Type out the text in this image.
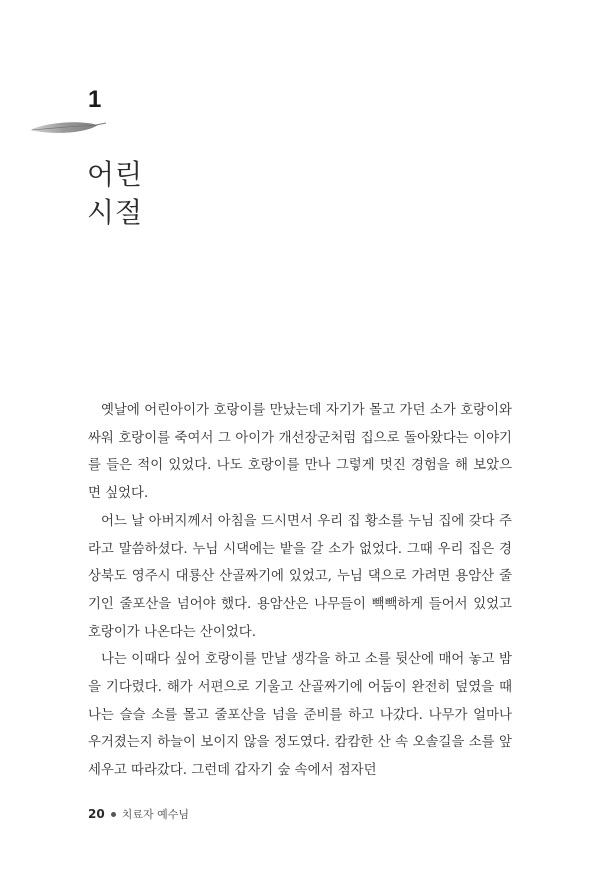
1
어린
시절

옛날에 어린아이가 호랑이를 만났는데 자기가 몰고 가던 소가 호랑이와 싸워 호랑이를 죽여서 그 아이가 개선장군처럼 집으로 돌아왔다는 이야기를 들은 적이 있었다. 나도 호랑이를 만나 그렇게 멋진 경험을 해 보았으면 싶었다.

어느 날 아버지께서 아침을 드시면서 우리 집 황소를 누님 집에 갖다 주라고 말씀하셨다. 누님 시댁에는 밭을 갈 소가 없었다. 그때 우리 집은 경상북도 영주시 대룡산 산골짜기에 있었고, 누님 댁으로 가려면 용암산 줄기인 줄포산을 넘어야 했다. 용암산은 나무들이 빽빽하게 들어서 있었고 호랑이가 나온다는 산이었다.

나는 이때다 싶어 호랑이를 만날 생각을 하고 소를 뒷산에 매어 놓고 밤을 기다렸다. 해가 서편으로 기울고 산골짜기에 어둠이 완전히 덮였을 때 나는 슬슬 소를 몰고 줄포산을 넘을 준비를 하고 나갔다. 나무가 얼마나 우거졌는지 하늘이 보이지 않을 정도였다. 캄캄한 산 속 오솔길을 소를 앞세우고 따라갔다. 그런데 갑자기 숲 속에서 점자던

20 치료자 예수님
